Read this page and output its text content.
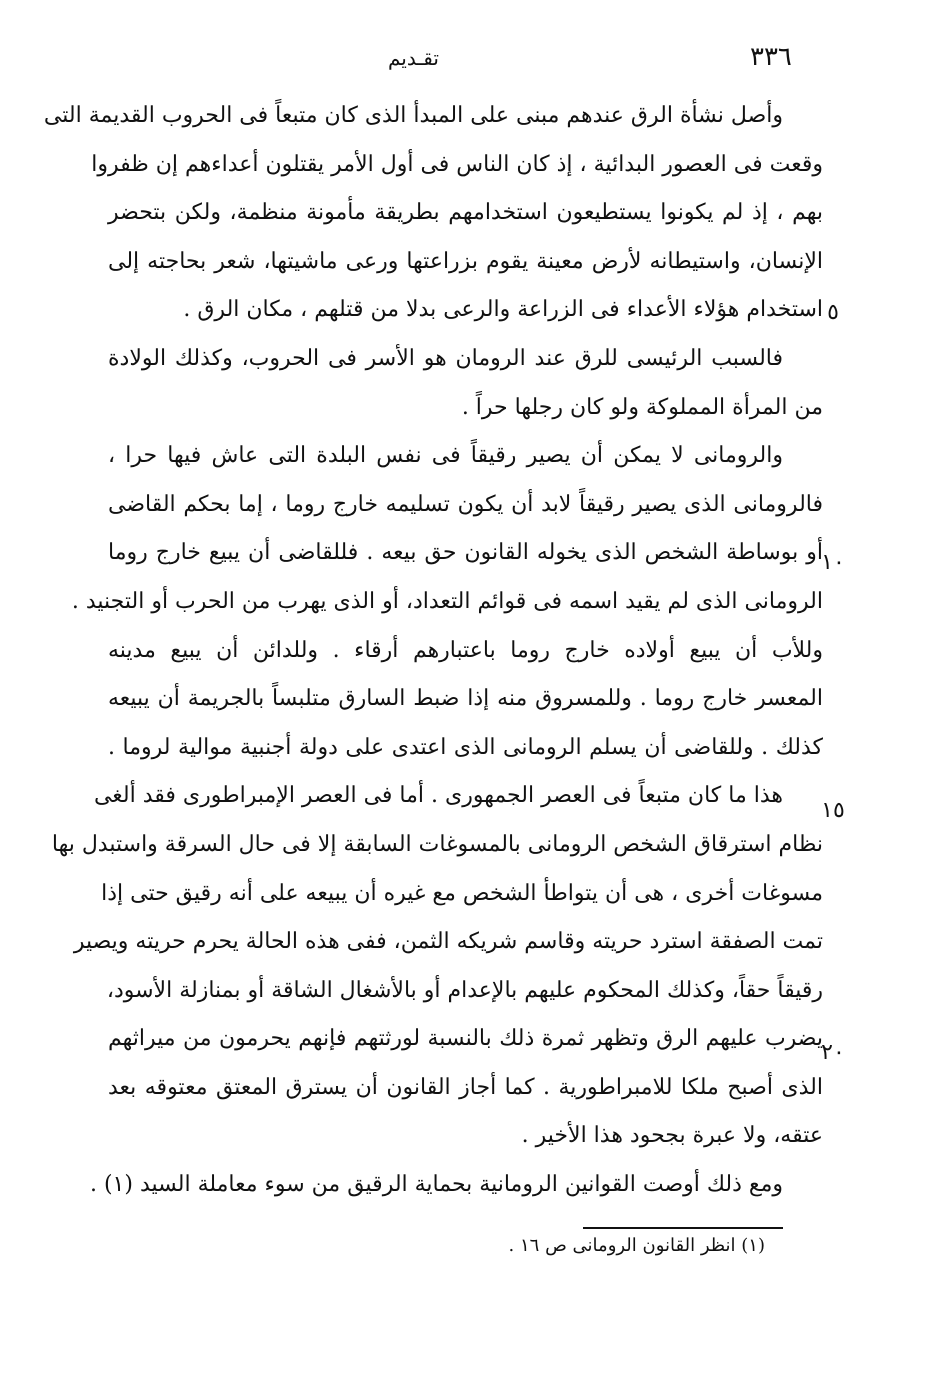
٣٣٦
تقـديم
وأصل نشأة الرق عندهم مبنى على المبدأ الذى كان متبعاً فى الحروب القديمة التى
وقعت فى العصور البدائية ، إذ كان الناس فى أول الأمر يقتلون أعداءهم إن ظفروا
بهم ، إذ لم يكونوا يستطيعون استخدامهم بطريقة مأمونة منظمة، ولكن بتحضر
الإنسان، واستيطانه لأرض معينة يقوم بزراعتها ورعى ماشيتها، شعر بحاجته إلى
استخدام هؤلاء الأعداء فى الزراعة والرعى بدلا من قتلهم ، مكان الرق .
فالسبب الرئيسى للرق عند الرومان هو الأسر فى الحروب، وكذلك الولادة
من المرأة المملوكة ولو كان رجلها حراً .
والرومانى لا يمكن أن يصير رقيقاً فى نفس البلدة التى عاش فيها حرا ،
فالرومانى الذى يصير رقيقاً لابد أن يكون تسليمه خارج روما ، إما بحكم القاضى
أو بوساطة الشخص الذى يخوله القانون حق بيعه . فللقاضى أن يبيع خارج روما
الرومانى الذى لم يقيد اسمه فى قوائم التعداد، أو الذى يهرب من الحرب أو التجنيد .
وللأب أن يبيع أولاده خارج روما باعتبارهم أرقاء . وللدائن أن يبيع مدينه
المعسر خارج روما . وللمسروق منه إذا ضبط السارق متلبساً بالجريمة أن يبيعه
كذلك . وللقاضى أن يسلم الرومانى الذى اعتدى على دولة أجنبية موالية لروما .
هذا ما كان متبعاً فى العصر الجمهورى . أما فى العصر الإمبراطورى فقد ألغى
نظام استرقاق الشخص الرومانى بالمسوغات السابقة إلا فى حال السرقة واستبدل بها
مسوغات أخرى ، هى أن يتواطأ الشخص مع غيره أن يبيعه على أنه رقيق حتى إذا
تمت الصفقة استرد حريته وقاسم شريكه الثمن، ففى هذه الحالة يحرم حريته ويصير
رقيقاً حقاً، وكذلك المحكوم عليهم بالإعدام أو بالأشغال الشاقة أو بمنازلة الأسود،
يضرب عليهم الرق وتظهر ثمرة ذلك بالنسبة لورثتهم فإنهم يحرمون من ميراثهم
الذى أصبح ملكا للامبراطورية . كما أجاز القانون أن يسترق المعتق معتوقه بعد
عتقه، ولا عبرة بجحود هذا الأخير .
ومع ذلك أوصت القوانين الرومانية بحماية الرقيق من سوء معاملة السيد (١) .
٥
١٠
١٥
٢٠
(١) انظر القانون الرومانى ص ١٦ .
